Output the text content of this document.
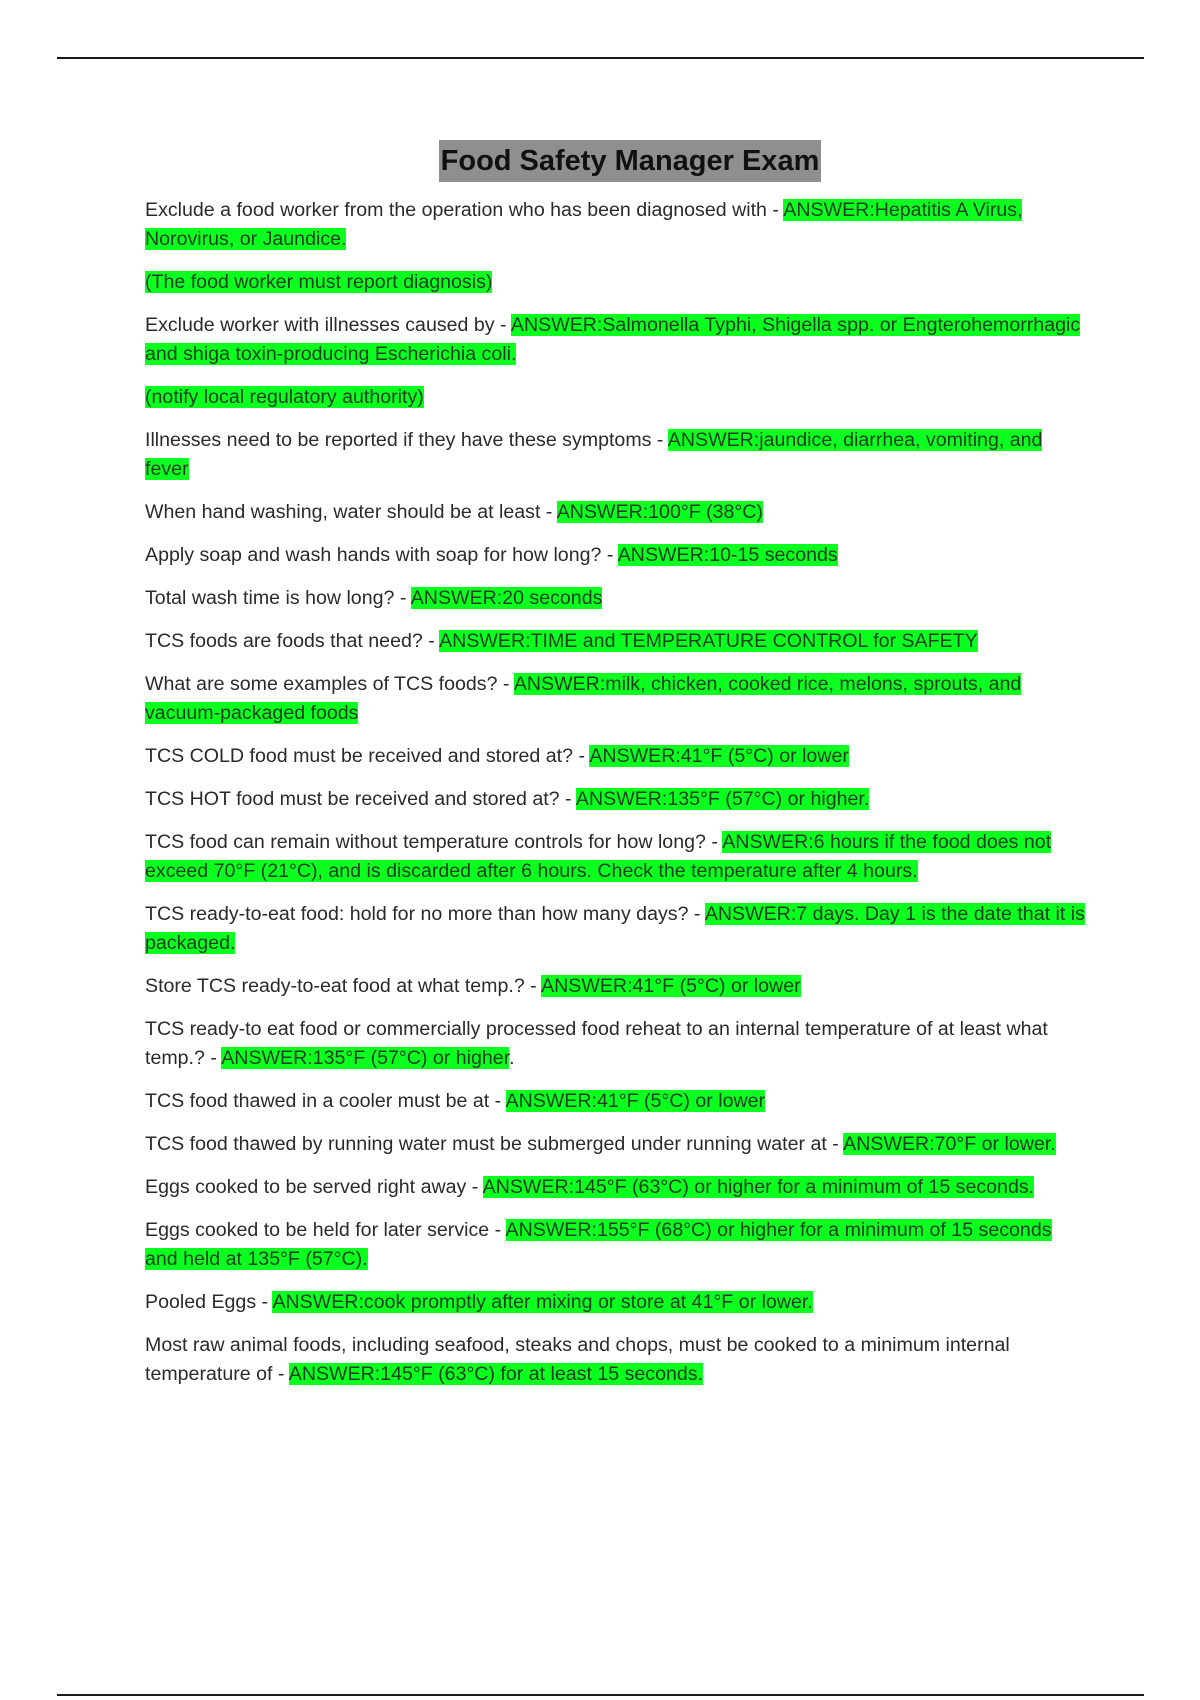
Food Safety Manager Exam

Exclude a food worker from the operation who has been diagnosed with - ANSWER:Hepatitis A Virus, Norovirus, or Jaundice.

(The food worker must report diagnosis)

Exclude worker with illnesses caused by - ANSWER:Salmonella Typhi, Shigella spp. or Engterohemorrhagic and shiga toxin-producing Escherichia coli.

(notify local regulatory authority)

Illnesses need to be reported if they have these symptoms - ANSWER:jaundice, diarrhea, vomiting, and fever

When hand washing, water should be at least - ANSWER:100°F (38°C)

Apply soap and wash hands with soap for how long? - ANSWER:10-15 seconds

Total wash time is how long? - ANSWER:20 seconds

TCS foods are foods that need? - ANSWER:TIME and TEMPERATURE CONTROL for SAFETY

What are some examples of TCS foods? - ANSWER:milk, chicken, cooked rice, melons, sprouts, and vacuum-packaged foods

TCS COLD food must be received and stored at? - ANSWER:41°F (5°C) or lower

TCS HOT food must be received and stored at? - ANSWER:135°F (57°C) or higher.

TCS food can remain without temperature controls for how long? - ANSWER:6 hours if the food does not exceed 70°F (21°C), and is discarded after 6 hours. Check the temperature after 4 hours.

TCS ready-to-eat food: hold for no more than how many days? - ANSWER:7 days. Day 1 is the date that it is packaged.

Store TCS ready-to-eat food at what temp.? - ANSWER:41°F (5°C) or lower

TCS ready-to eat food or commercially processed food reheat to an internal temperature of at least what temp.? - ANSWER:135°F (57°C) or higher.

TCS food thawed in a cooler must be at - ANSWER:41°F (5°C) or lower

TCS food thawed by running water must be submerged under running water at - ANSWER:70°F or lower.

Eggs cooked to be served right away - ANSWER:145°F (63°C) or higher for a minimum of 15 seconds.

Eggs cooked to be held for later service - ANSWER:155°F (68°C) or higher for a minimum of 15 seconds and held at 135°F (57°C).

Pooled Eggs - ANSWER:cook promptly after mixing or store at 41°F or lower.

Most raw animal foods, including seafood, steaks and chops, must be cooked to a minimum internal temperature of - ANSWER:145°F (63°C) for at least 15 seconds.
